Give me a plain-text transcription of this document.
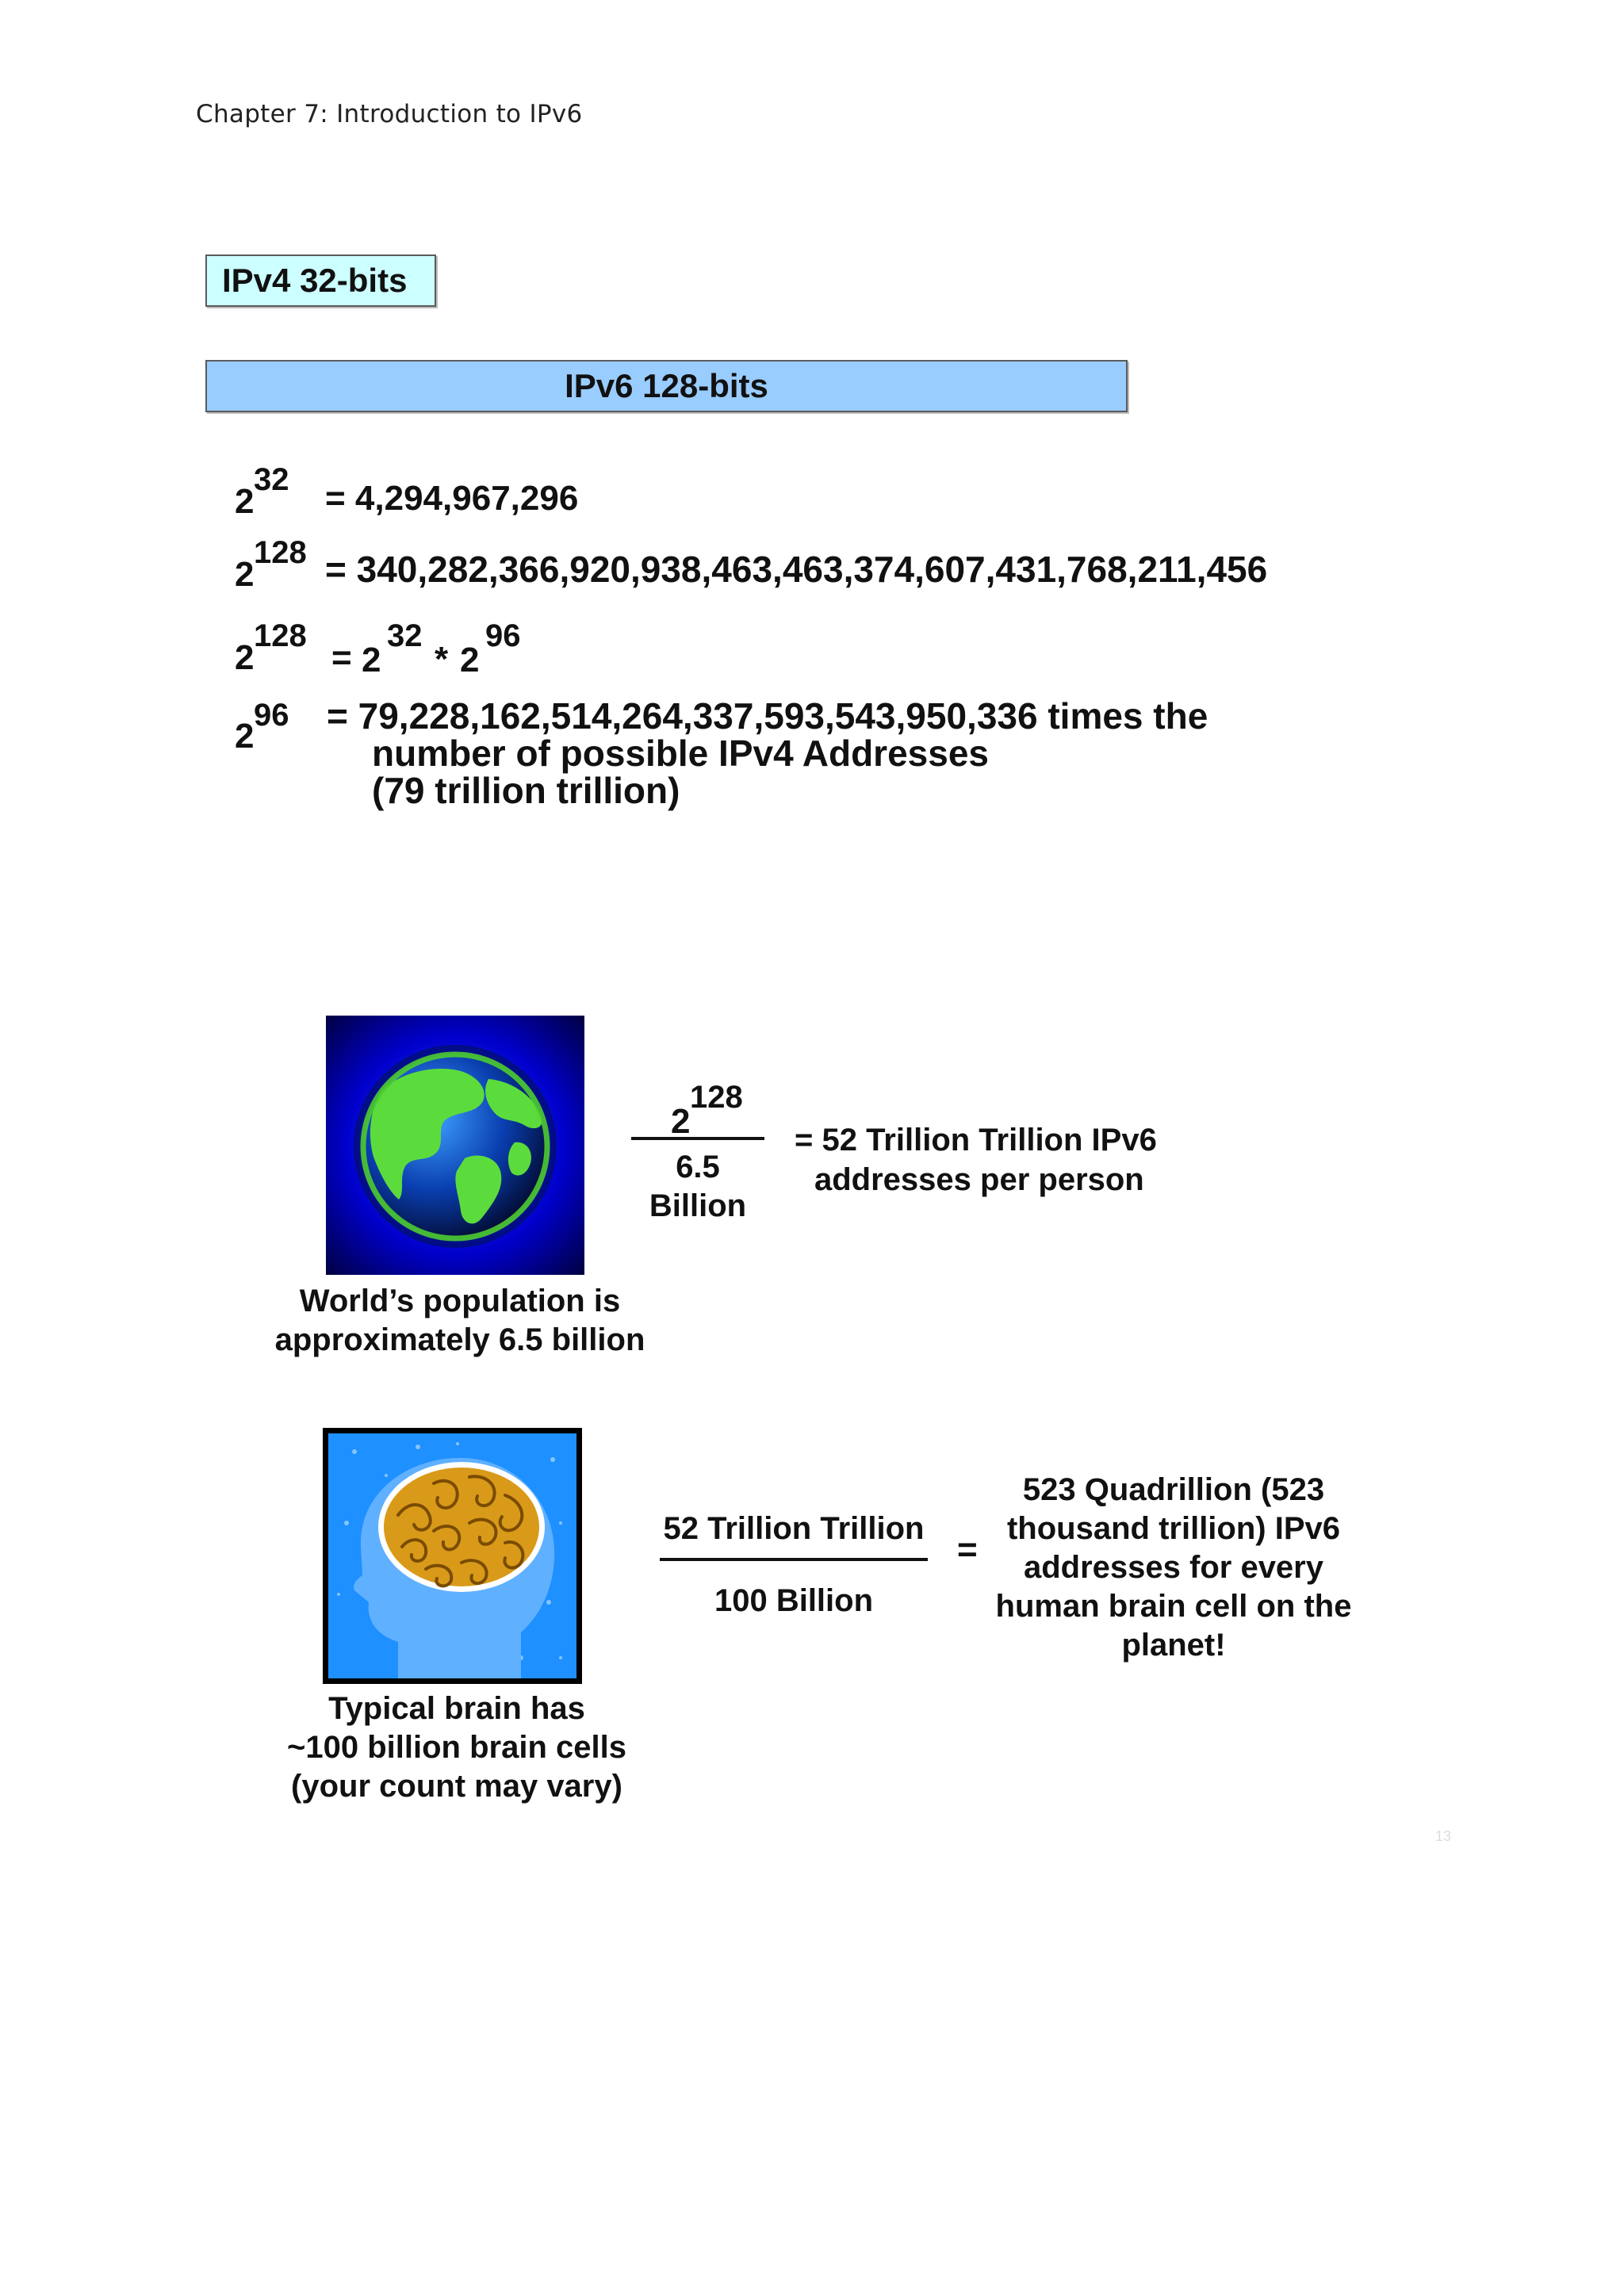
Chapter 7: Introduction to IPv6
IPv4 32-bits
IPv6 128-bits
2
32 = 4,294,967,296
2
128 = 340,282,366,920,938,463,463,374,607,431,768,211,456
2
128
= 2
32
* 2
96
2
96 = 79,228,162,514,264,337,593,543,950,336 times the
number of possible IPv4 Addresses
(79 trillion trillion)
World’s population is
approximately 6.5 billion
2
128
6.5
Billion
= 52 Trillion Trillion IPv6
addresses per person
Typical brain has
~100 billion brain cells
(your count may vary)
52 Trillion Trillion
100 Billion
=
523 Quadrillion (523
thousand trillion) IPv6
addresses for every
human brain cell on the
planet!
13
